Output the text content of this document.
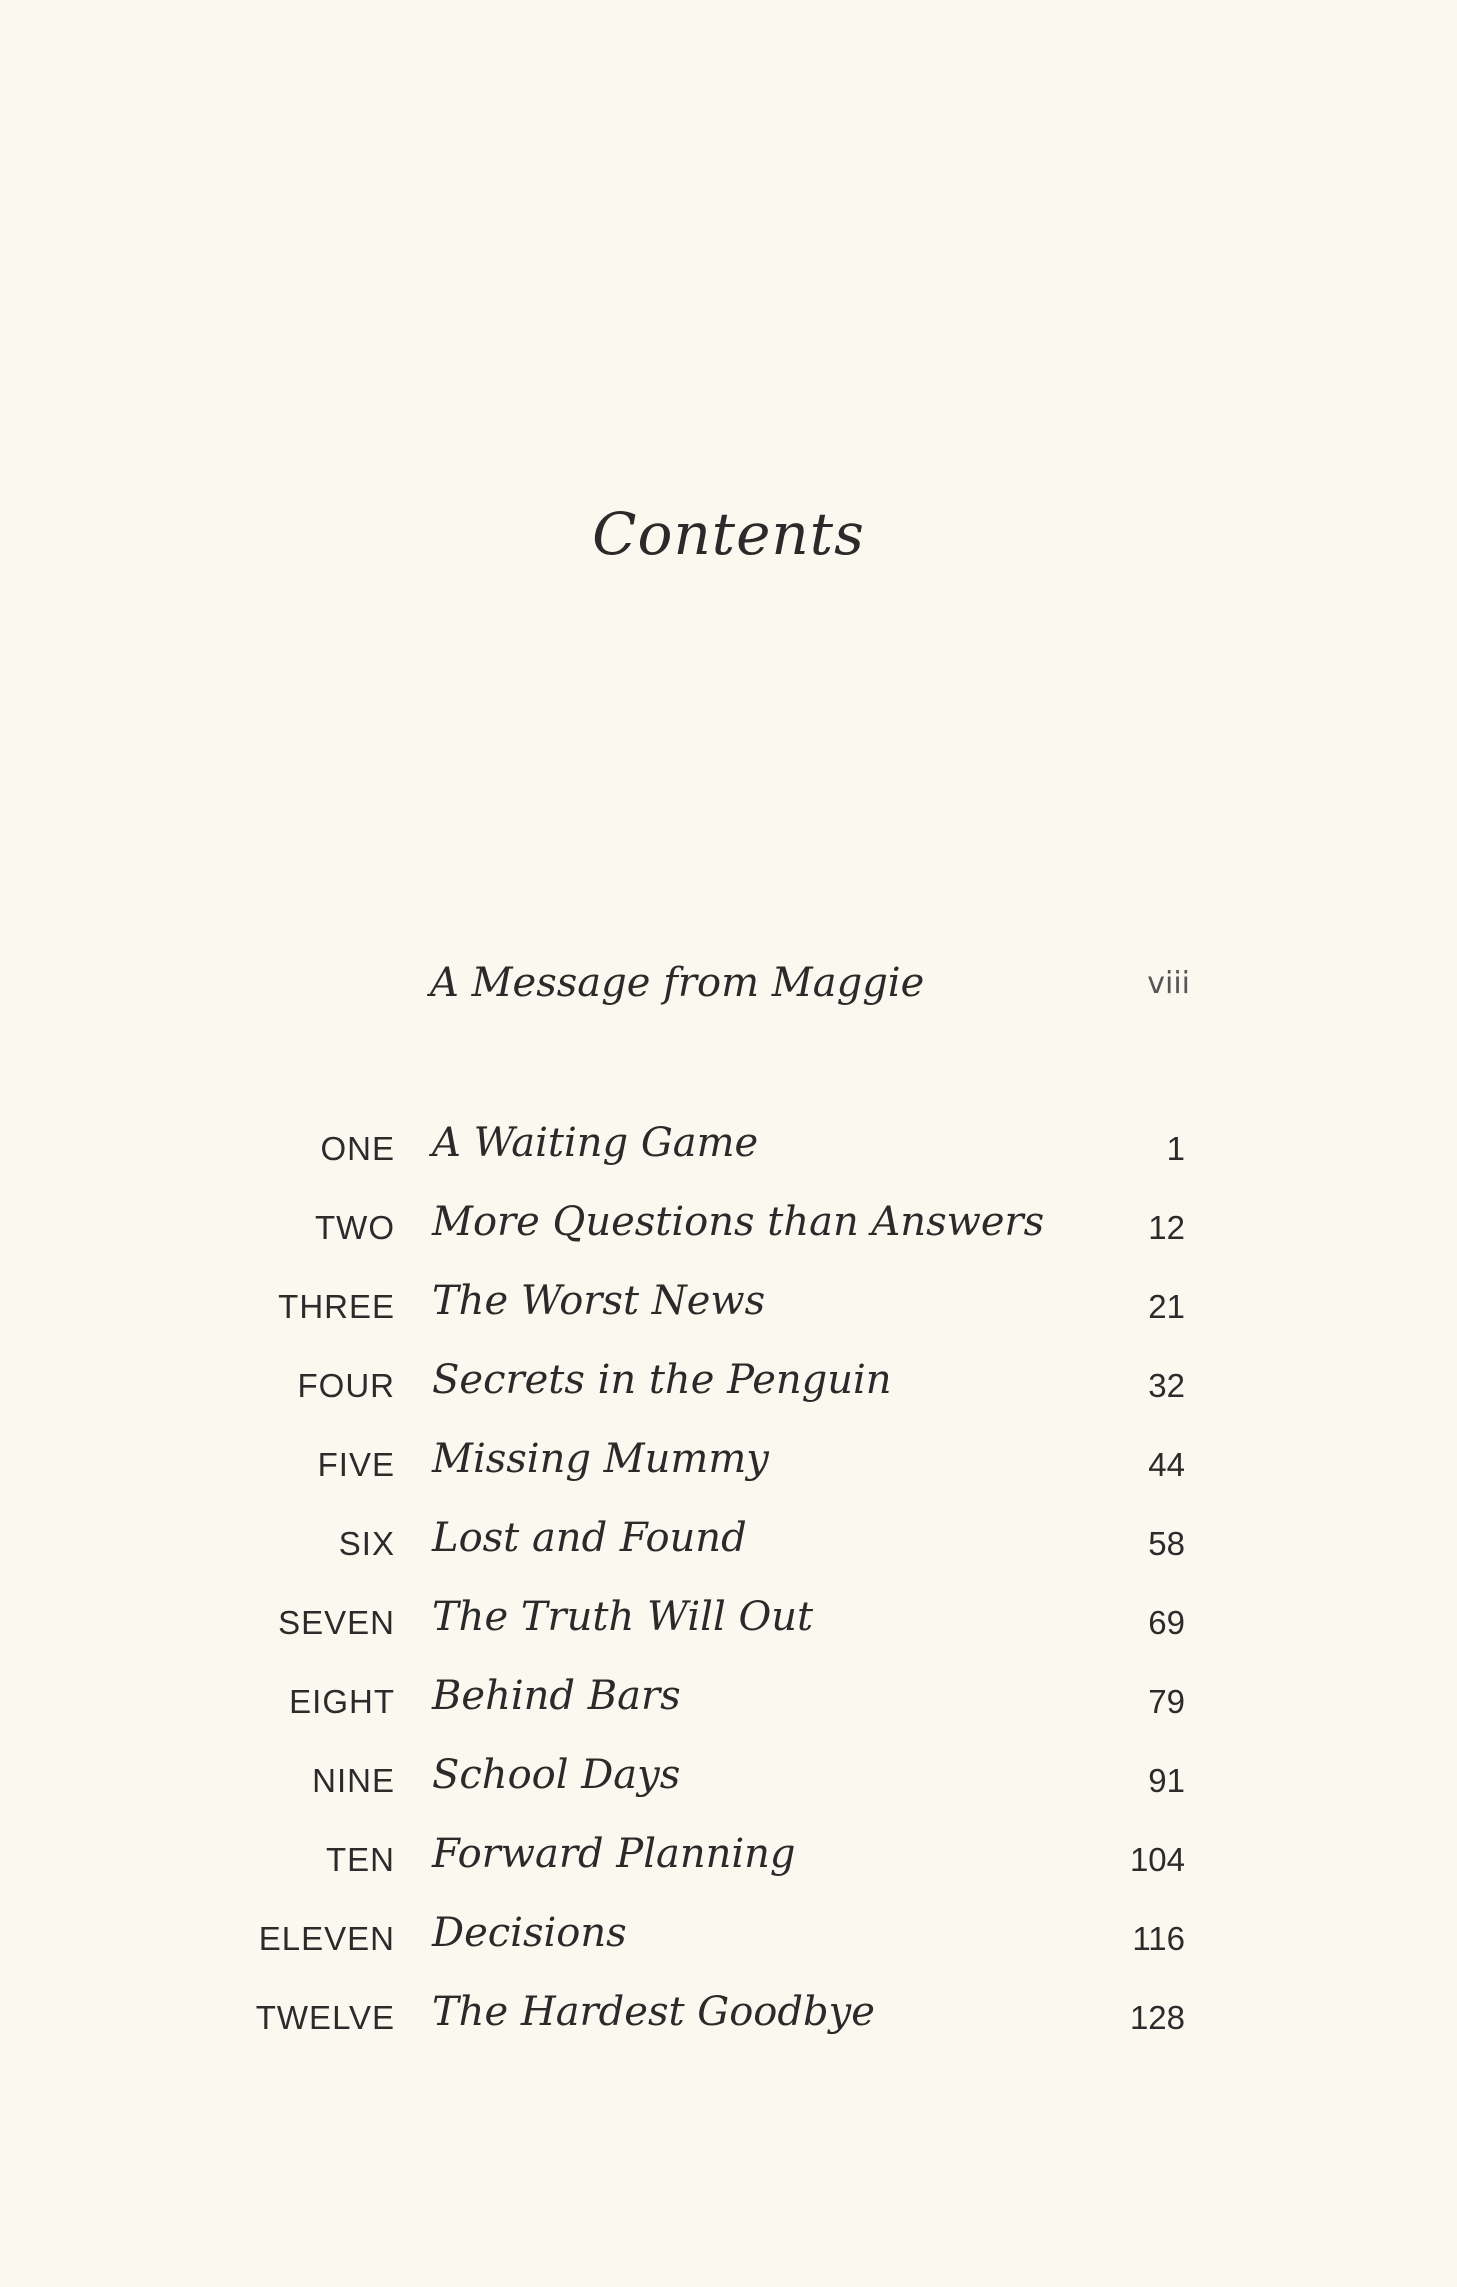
Contents
A Message from Maggie	viii
ONE A Waiting Game	1
TWO More Questions than Answers	12
THREE The Worst News	21
FOUR Secrets in the Penguin	32
FIVE Missing Mummy	44
SIX Lost and Found	58
SEVEN The Truth Will Out	69
EIGHT Behind Bars	79
NINE School Days	91
TEN Forward Planning	104
ELEVEN Decisions	116
TWELVE The Hardest Goodbye	128
